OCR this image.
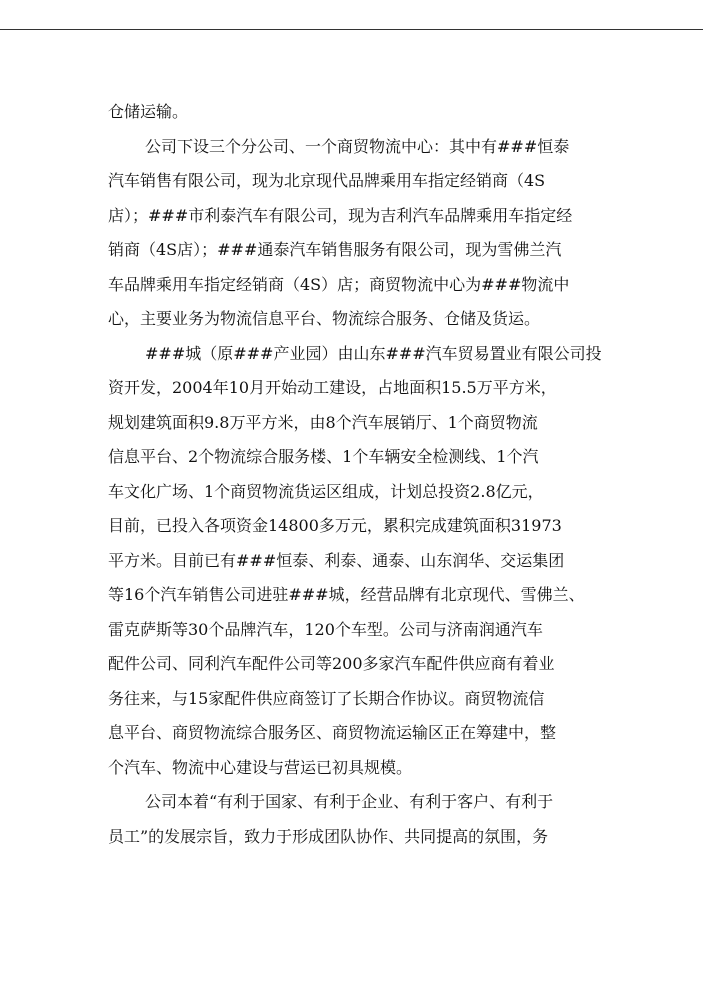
仓储运输。
公司下设三个分公司、一个商贸物流中心：其中有###恒泰
汽车销售有限公司，现为北京现代品牌乘用车指定经销商（4S
店）；###市利泰汽车有限公司，现为吉利汽车品牌乘用车指定经
销商（4S店）；###通泰汽车销售服务有限公司，现为雪佛兰汽
车品牌乘用车指定经销商（4S）店；商贸物流中心为###物流中
心，主要业务为物流信息平台、物流综合服务、仓储及货运。
###城（原###产业园）由山东###汽车贸易置业有限公司投
资开发，2004年10月开始动工建设，占地面积15.5万平方米，
规划建筑面积9.8万平方米，由8个汽车展销厅、1个商贸物流
信息平台、2个物流综合服务楼、1个车辆安全检测线、1个汽
车文化广场、1个商贸物流货运区组成，计划总投资2.8亿元，
目前，已投入各项资金14800多万元，累积完成建筑面积31973
平方米。目前已有###恒泰、利泰、通泰、山东润华、交运集团
等16个汽车销售公司进驻###城，经营品牌有北京现代、雪佛兰、
雷克萨斯等30个品牌汽车，120个车型。公司与济南润通汽车
配件公司、同利汽车配件公司等200多家汽车配件供应商有着业
务往来，与15家配件供应商签订了长期合作协议。商贸物流信
息平台、商贸物流综合服务区、商贸物流运输区正在筹建中，整
个汽车、物流中心建设与营运已初具规模。
公司本着“有利于国家、有利于企业、有利于客户、有利于
员工”的发展宗旨，致力于形成团队协作、共同提高的氛围，务
